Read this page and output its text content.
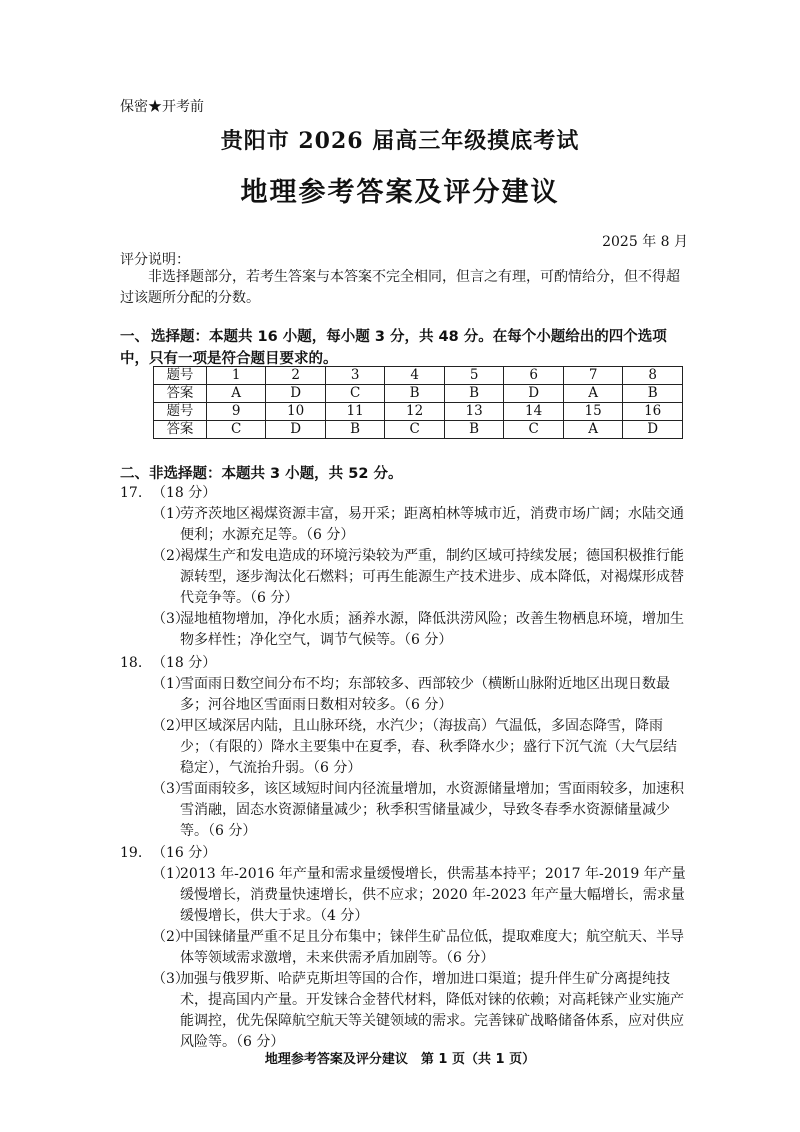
保密★开考前
贵阳市 2026 届高三年级摸底考试
地理参考答案及评分建议
2025 年 8 月
评分说明：

非选择题部分，若考生答案与本答案不完全相同，但言之有理，可酌情给分，但不得超过该题所分配的分数。

一、 选择题：本题共 16 小题，每小题 3 分，共 48 分。在每个小题给出的四个选项中，只有一项是符合题目要求的。
题号	1	2	3	4	5	6	7	8
答案	A	D	C	B	B	D	A	B
题号	9	10	11	12	13	14	15	16
答案	C	D	B	C	B	C	A	D
二、非选择题：本题共 3 小题，共 52 分。
17. （18 分）
（1）
劳齐茨地区褐煤资源丰富，易开采；距离柏林等城市近，消费市场广阔；水陆交通便利；水源充足等。（6 分）
（2）
褐煤生产和发电造成的环境污染较为严重，制约区域可持续发展；德国积极推行能源转型，逐步淘汰化石燃料；可再生能源生产技术进步、成本降低，对褐煤形成替代竞争等。（6 分）
（3）
湿地植物增加，净化水质；涵养水源，降低洪涝风险；改善生物栖息环境，增加生物多样性；净化空气，调节气候等。（6 分）
18. （18 分）
（1）
雪面雨日数空间分布不均；东部较多、西部较少（横断山脉附近地区出现日数最多；河谷地区雪面雨日数相对较多。（6 分）
（2）
甲区域深居内陆，且山脉环绕，水汽少；（海拔高）气温低，多固态降雪，降雨少；（有限的）降水主要集中在夏季，春、秋季降水少；盛行下沉气流（大气层结稳定），气流抬升弱。（6 分）
（3）
雪面雨较多，该区域短时间内径流量增加，水资源储量增加；雪面雨较多，加速积雪消融，固态水资源储量减少；秋季积雪储量减少，导致冬春季水资源储量减少等。（6 分）
19. （16 分）
（1）
2013 年-2016 年产量和需求量缓慢增长，供需基本持平；2017 年-2019 年产量缓慢增长，消费量快速增长，供不应求；2020 年-2023 年产量大幅增长，需求量缓慢增长，供大于求。（4 分）
（2）
中国铼储量严重不足且分布集中；铼伴生矿品位低，提取难度大；航空航天、半导体等领域需求激增，未来供需矛盾加剧等。（6 分）
（3）
加强与俄罗斯、哈萨克斯坦等国的合作，增加进口渠道；提升伴生矿分离提纯技术，提高国内产量。开发铼合金替代材料，降低对铼的依赖；对高耗铼产业实施产能调控，优先保障航空航天等关键领域的需求。完善铼矿战略储备体系，应对供应风险等。（6 分）
地理参考答案及评分建议　第 1 页（共 1 页）
